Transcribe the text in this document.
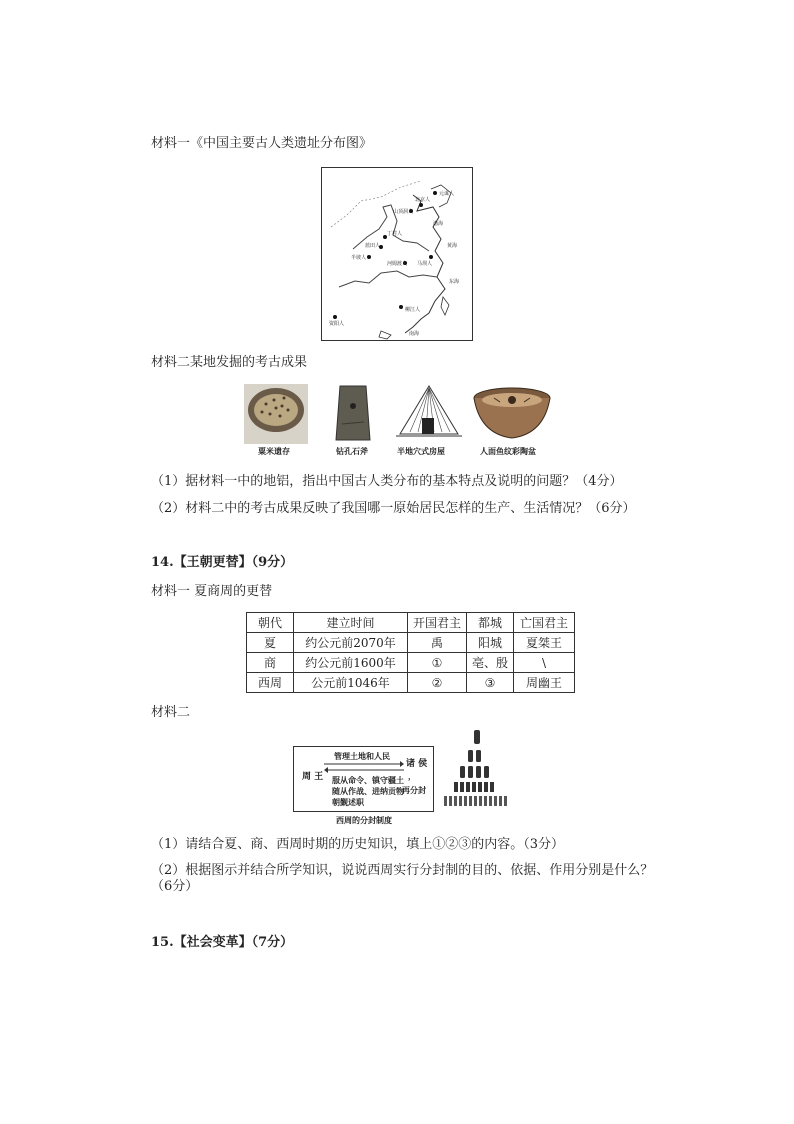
材料一《中国主要古人类遗址分布图》
元谋人
北京人
山顶洞人
丁村人
蓝田人
半坡人
河姆渡人 马坝人
柳江人
资阳人
渤海
黄海
东海
南海
材料二某地发掘的考古成果
粟米遗存	钻孔石斧	半地穴式房屋	人面鱼纹彩陶盆
（1）据材料一中的地铝，指出中国古人类分布的基本特点及说明的问题？（4分）
（2）材料二中的考古成果反映了我国哪一原始居民怎样的生产、生活情况？（6分）
14.【王朝更替】（9分）
材料一 夏商周的更替
朝代	建立时间	开国君主	都城	亡国君主
夏	约公元前2070年	禹	阳城	夏桀王
商	约公元前1600年	①	亳、殷	\
西周	公元前1046年	②	③	周幽王
材料二
周 王
诸 侯
管理土地和人民
服从命令、镇守疆土
随从作战、进纳贡物
朝觐述职
，
再分封
西周的分封制度
（1）请结合夏、商、西周时期的历史知识，填上①②③的内容。（3分）
（2）根据图示并结合所学知识，说说西周实行分封制的目的、依据、作用分别是什么？
（6分）
15.【社会变革】（7分）
